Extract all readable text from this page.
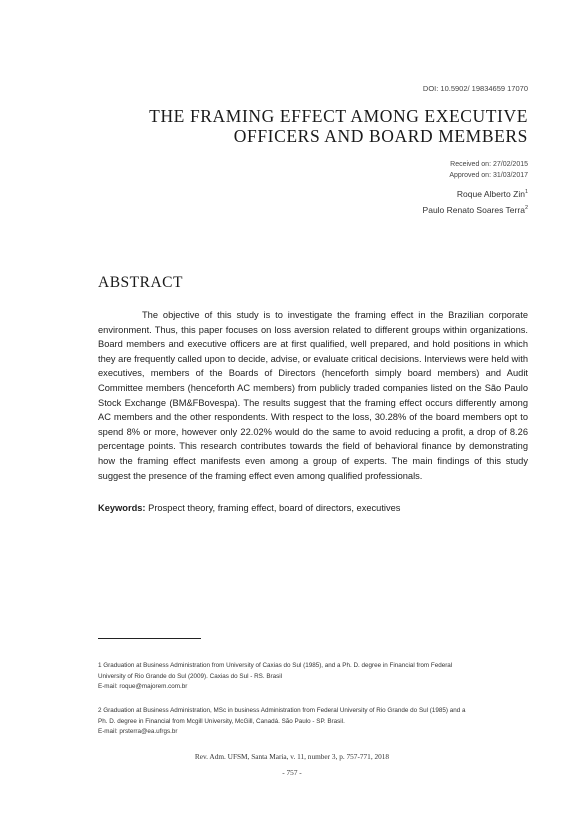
DOI: 10.5902/ 19834659 17070
THE FRAMING EFFECT AMONG EXECUTIVE
OFFICERS AND BOARD MEMBERS
Received on: 27/02/2015
Approved on: 31/03/2017
Roque Alberto Zin$^1$
Paulo Renato Soares Terra$^2$
ABSTRACT
The objective of this study is to investigate the framing effect in the Brazilian corporate environment. Thus, this paper focuses on loss aversion related to different groups within organizations. Board members and executive officers are at first qualified, well prepared, and hold positions in which they are frequently called upon to decide, advise, or evaluate critical decisions. Interviews were held with executives, members of the Boards of Directors (henceforth simply board members) and Audit Committee members (henceforth AC members) from publicly traded companies listed on the São Paulo Stock Exchange (BM&FBovespa). The results suggest that the framing effect occurs differently among AC members and the other respondents. With respect to the loss, 30.28% of the board members opt to spend 8% or more, however only 22.02% would do the same to avoid reducing a profit, a drop of 8.26 percentage points. This research contributes towards the field of behavioral finance by demonstrating how the framing effect manifests even among a group of experts. The main findings of this study suggest the presence of the framing effect even among qualified professionals.
Keywords: Prospect theory, framing effect, board of directors, executives
1 Graduation at Business Administration from University of Caxias do Sul (1985), and a Ph. D. degree in Financial from Federal
University of Rio Grande do Sul (2009). Caxias do Sul - RS. Brasil
E-mail: roque@majorem.com.br
2 Graduation at Business Administration, MSc in business Administration from Federal University of Rio Grande do Sul (1985) and a
Ph. D. degree in Financial from Mcgill University, McGill, Canadá. São Paulo - SP. Brasil.
E-mail: prsterra@ea.ufrgs.br
Rev. Adm. UFSM, Santa Maria, v. 11, number 3, p. 757-771, 2018
- 757 -
